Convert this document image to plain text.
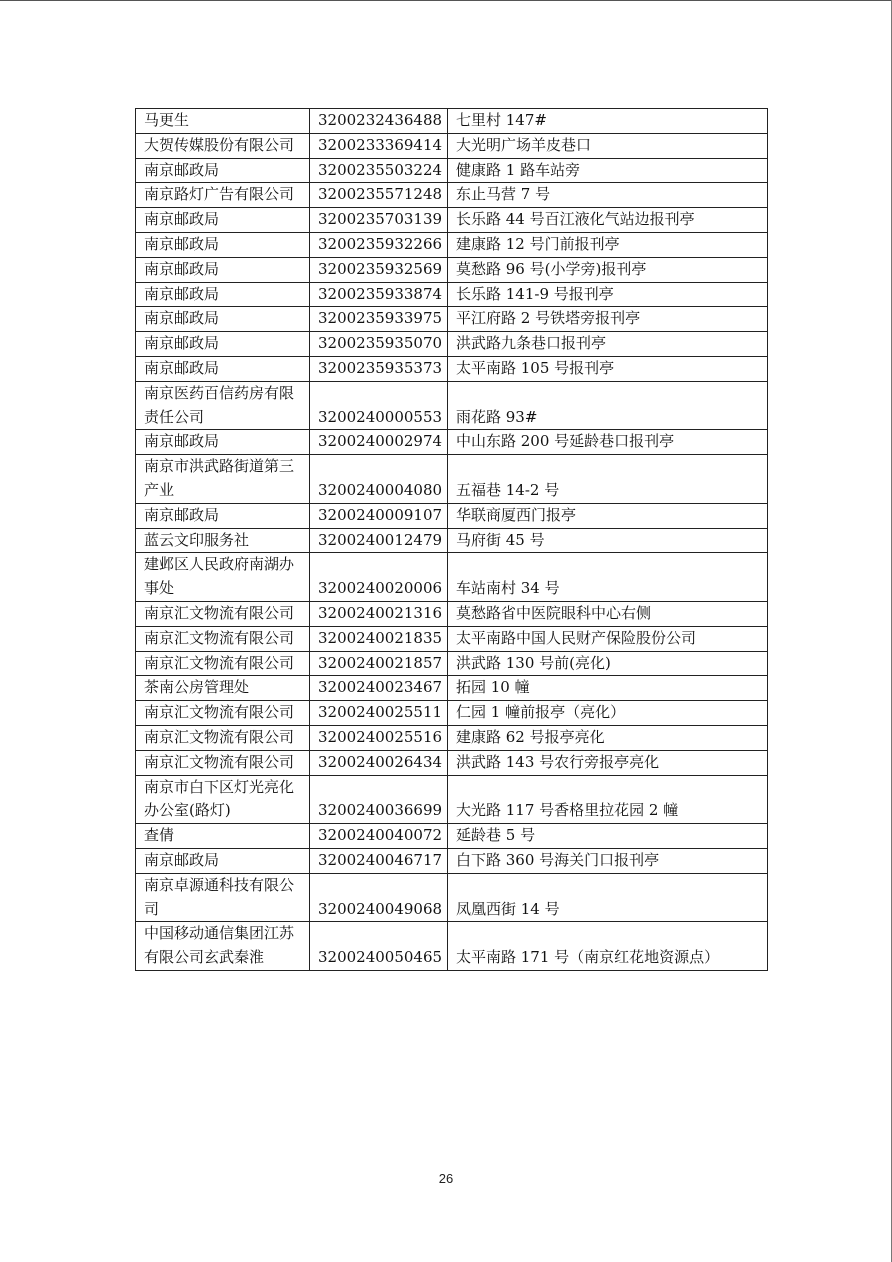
马更生	3200232436488	七里村 147#
大贺传媒股份有限公司	3200233369414	大光明广场羊皮巷口
南京邮政局	3200235503224	健康路 1 路车站旁
南京路灯广告有限公司	3200235571248	东止马营 7 号
南京邮政局	3200235703139	长乐路 44 号百江液化气站边报刊亭
南京邮政局	3200235932266	建康路 12 号门前报刊亭
南京邮政局	3200235932569	莫愁路 96 号(小学旁)报刊亭
南京邮政局	3200235933874	长乐路 141-9 号报刊亭
南京邮政局	3200235933975	平江府路 2 号铁塔旁报刊亭
南京邮政局	3200235935070	洪武路九条巷口报刊亭
南京邮政局	3200235935373	太平南路 105 号报刊亭
南京医药百信药房有限责任公司	3200240000553	雨花路 93#
南京邮政局	3200240002974	中山东路 200 号延龄巷口报刊亭
南京市洪武路街道第三产业	3200240004080	五福巷 14-2 号
南京邮政局	3200240009107	华联商厦西门报亭
蓝云文印服务社	3200240012479	马府街 45 号
建邺区人民政府南湖办事处	3200240020006	车站南村 34 号
南京汇文物流有限公司	3200240021316	莫愁路省中医院眼科中心右侧
南京汇文物流有限公司	3200240021835	太平南路中国人民财产保险股份公司
南京汇文物流有限公司	3200240021857	洪武路 130 号前(亮化)
茶南公房管理处	3200240023467	拓园 10 幢
南京汇文物流有限公司	3200240025511	仁园 1 幢前报亭（亮化）
南京汇文物流有限公司	3200240025516	建康路 62 号报亭亮化
南京汇文物流有限公司	3200240026434	洪武路 143 号农行旁报亭亮化
南京市白下区灯光亮化办公室(路灯)	3200240036699	大光路 117 号香格里拉花园 2 幢
查倩	3200240040072	延龄巷 5 号
南京邮政局	3200240046717	白下路 360 号海关门口报刊亭
南京卓源通科技有限公司	3200240049068	凤凰西街 14 号
中国移动通信集团江苏有限公司玄武秦淮	3200240050465	太平南路 171 号（南京红花地资源点）
26
